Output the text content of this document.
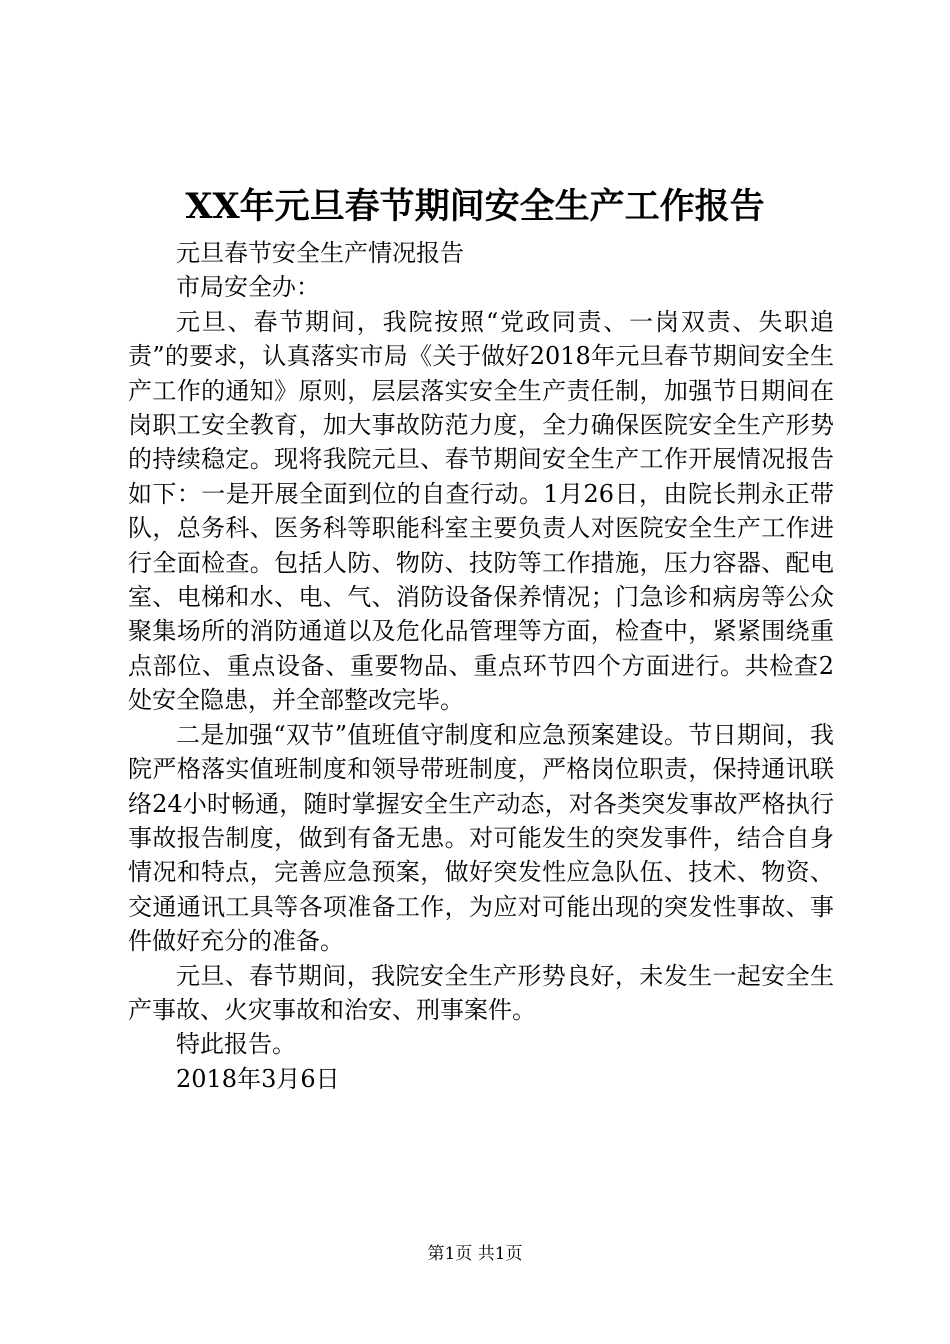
XX年元旦春节期间安全生产工作报告

元旦春节安全生产情况报告

市局安全办：

元旦、春节期间，我院按照“党政同责、一岗双责、失职追责”的要求，认真落实市局《关于做好2018年元旦春节期间安全生产工作的通知》原则，层层落实安全生产责任制，加强节日期间在岗职工安全教育，加大事故防范力度，全力确保医院安全生产形势的持续稳定。现将我院元旦、春节期间安全生产工作开展情况报告如下：一是开展全面到位的自查行动。1月26日，由院长荆永正带队，总务科、医务科等职能科室主要负责人对医院安全生产工作进行全面检查。包括人防、物防、技防等工作措施，压力容器、配电室、电梯和水、电、气、消防设备保养情况；门急诊和病房等公众聚集场所的消防通道以及危化品管理等方面，检查中，紧紧围绕重点部位、重点设备、重要物品、重点环节四个方面进行。共检查2处安全隐患，并全部整改完毕。

二是加强“双节”值班值守制度和应急预案建设。节日期间，我院严格落实值班制度和领导带班制度，严格岗位职责，保持通讯联络24小时畅通，随时掌握安全生产动态，对各类突发事故严格执行事故报告制度，做到有备无患。对可能发生的突发事件，结合自身情况和特点，完善应急预案，做好突发性应急队伍、技术、物资、交通通讯工具等各项准备工作，为应对可能出现的突发性事故、事件做好充分的准备。

元旦、春节期间，我院安全生产形势良好，未发生一起安全生产事故、火灾事故和治安、刑事案件。

特此报告。

2018年3月6日

第1页 共1页
